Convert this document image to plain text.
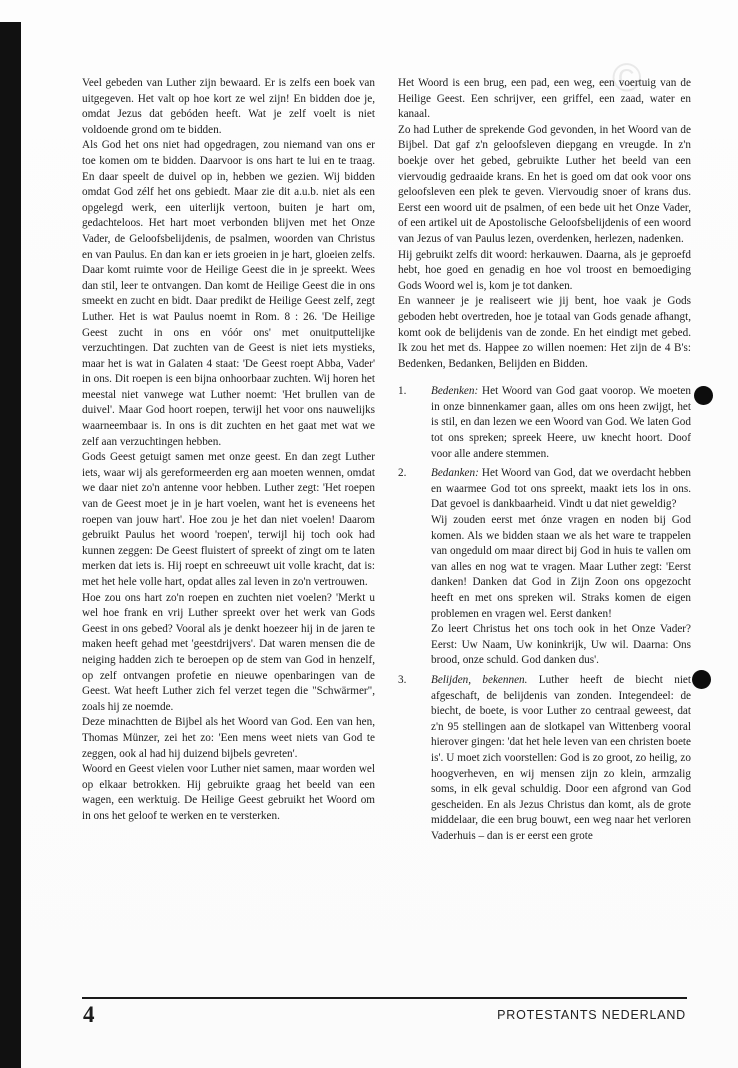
©

Veel gebeden van Luther zijn bewaard. Er is zelfs een boek van uitgegeven. Het valt op hoe kort ze wel zijn! En bidden doe je, omdat Jezus dat gebóden heeft. Wat je zelf voelt is niet voldoende grond om te bidden.

Als God het ons niet had opgedragen, zou niemand van ons er toe komen om te bidden. Daarvoor is ons hart te lui en te traag. En daar speelt de duivel op in, hebben we gezien. Wij bidden omdat God zélf het ons gebiedt. Maar zie dit a.u.b. niet als een opgelegd werk, een uiterlijk vertoon, buiten je hart om, gedachteloos. Het hart moet verbonden blijven met het Onze Vader, de Geloofsbelijdenis, de psalmen, woorden van Christus en van Paulus. En dan kan er iets groeien in je hart, gloeien zelfs. Daar komt ruimte voor de Heilige Geest die in je spreekt. Wees dan stil, leer te ontvangen. Dan komt de Heilige Geest die in ons smeekt en zucht en bidt. Daar predikt de Heilige Geest zelf, zegt Luther. Het is wat Paulus noemt in Rom. 8 : 26. 'De Heilige Geest zucht in ons en vóór ons' met onuitputtelijke verzuchtingen. Dat zuchten van de Geest is niet iets mystieks, maar het is wat in Galaten 4 staat: 'De Geest roept Abba, Vader' in ons. Dit roepen is een bijna onhoorbaar zuchten. Wij horen het meestal niet vanwege wat Luther noemt: 'Het brullen van de duivel'. Maar God hoort roepen, terwijl het voor ons nauwelijks waarneembaar is. In ons is dit zuchten en het gaat met wat we zelf aan verzuchtingen hebben.

Gods Geest getuigt samen met onze geest. En dan zegt Luther iets, waar wij als gereformeerden erg aan moeten wennen, omdat we daar niet zo'n antenne voor hebben. Luther zegt: 'Het roepen van de Geest moet je in je hart voelen, want het is eveneens het roepen van jouw hart'. Hoe zou je het dan niet voelen! Daarom gebruikt Paulus het woord 'roepen', terwijl hij toch ook had kunnen zeggen: De Geest fluistert of spreekt of zingt om te laten merken dat iets is. Hij roept en schreeuwt uit volle kracht, dat is: met het hele volle hart, opdat alles zal leven in zo'n vertrouwen.

Hoe zou ons hart zo'n roepen en zuchten niet voelen? 'Merkt u wel hoe frank en vrij Luther spreekt over het werk van Gods Geest in ons gebed? Vooral als je denkt hoezeer hij in de jaren te maken heeft gehad met 'geestdrijvers'. Dat waren mensen die de neiging hadden zich te beroepen op de stem van God in henzelf, op zelf ontvangen profetie en nieuwe openbaringen van de Geest. Wat heeft Luther zich fel verzet tegen die "Schwärmer", zoals hij ze noemde.

Deze minachtten de Bijbel als het Woord van God. Een van hen, Thomas Münzer, zei het zo: 'Een mens weet niets van God te zeggen, ook al had hij duizend bijbels gevreten'.

Woord en Geest vielen voor Luther niet samen, maar worden wel op elkaar betrokken. Hij gebruikte graag het beeld van een wagen, een werktuig. De Heilige Geest gebruikt het Woord om in ons het geloof te werken en te versterken.

Het Woord is een brug, een pad, een weg, een voertuig van de Heilige Geest. Een schrijver, een griffel, een zaad, water en kanaal.

Zo had Luther de sprekende God gevonden, in het Woord van de Bijbel. Dat gaf z'n geloofsleven diepgang en vreugde. In z'n boekje over het gebed, gebruikte Luther het beeld van een viervoudig gedraaide krans. En het is goed om dat ook voor ons geloofsleven een plek te geven. Viervoudig snoer of krans dus. Eerst een woord uit de psalmen, of een bede uit het Onze Vader, of een artikel uit de Apostolische Geloofsbelijdenis of een woord van Jezus of van Paulus lezen, overdenken, herlezen, nadenken.

Hij gebruikt zelfs dit woord: herkauwen. Daarna, als je geproefd hebt, hoe goed en genadig en hoe vol troost en bemoediging Gods Woord wel is, kom je tot danken.

En wanneer je je realiseert wie jij bent, hoe vaak je Gods geboden hebt overtreden, hoe je totaal van Gods genade afhangt, komt ook de belijdenis van de zonde. En het eindigt met gebed. Ik zou het met ds. Happee zo willen noemen: Het zijn de 4 B's: Bedenken, Bedanken, Belijden en Bidden.

1. Bedenken: Het Woord van God gaat voorop. We moeten in onze binnenkamer gaan, alles om ons heen zwijgt, het is stil, en dan lezen we een Woord van God. We laten God tot ons spreken; spreek Heere, uw knecht hoort. Doof voor alle andere stemmen.
2. Bedanken: Het Woord van God, dat we overdacht hebben en waarmee God tot ons spreekt, maakt iets los in ons. Dat gevoel is dankbaarheid. Vindt u dat niet geweldig?
Wij zouden eerst met ónze vragen en noden bij God komen. Als we bidden staan we als het ware te trappelen van ongeduld om maar direct bij God in huis te vallen om van alles en nog wat te vragen. Maar Luther zegt: 'Eerst danken! Danken dat God in Zijn Zoon ons opgezocht heeft en met ons spreken wil. Straks komen de eigen problemen en vragen wel. Eerst danken!
Zo leert Christus het ons toch ook in het Onze Vader? Eerst: Uw Naam, Uw koninkrijk, Uw wil. Daarna: Ons brood, onze schuld. God danken dus'.
3. Belijden, bekennen. Luther heeft de biecht niet afgeschaft, de belijdenis van zonden. Integendeel: de biecht, de boete, is voor Luther zo centraal geweest, dat z'n 95 stellingen aan de slotkapel van Wittenberg vooral hierover gingen: 'dat het hele leven van een christen boete is'. U moet zich voorstellen: God is zo groot, zo heilig, zo hoogverheven, en wij mensen zijn zo klein, armzalig soms, in elk geval schuldig. Door een afgrond van God gescheiden. En als Jezus Christus dan komt, als de grote middelaar, die een brug bouwt, een weg naar het verloren Vaderhuis – dan is er eerst een grote
4	PROTESTANTS NEDERLAND
